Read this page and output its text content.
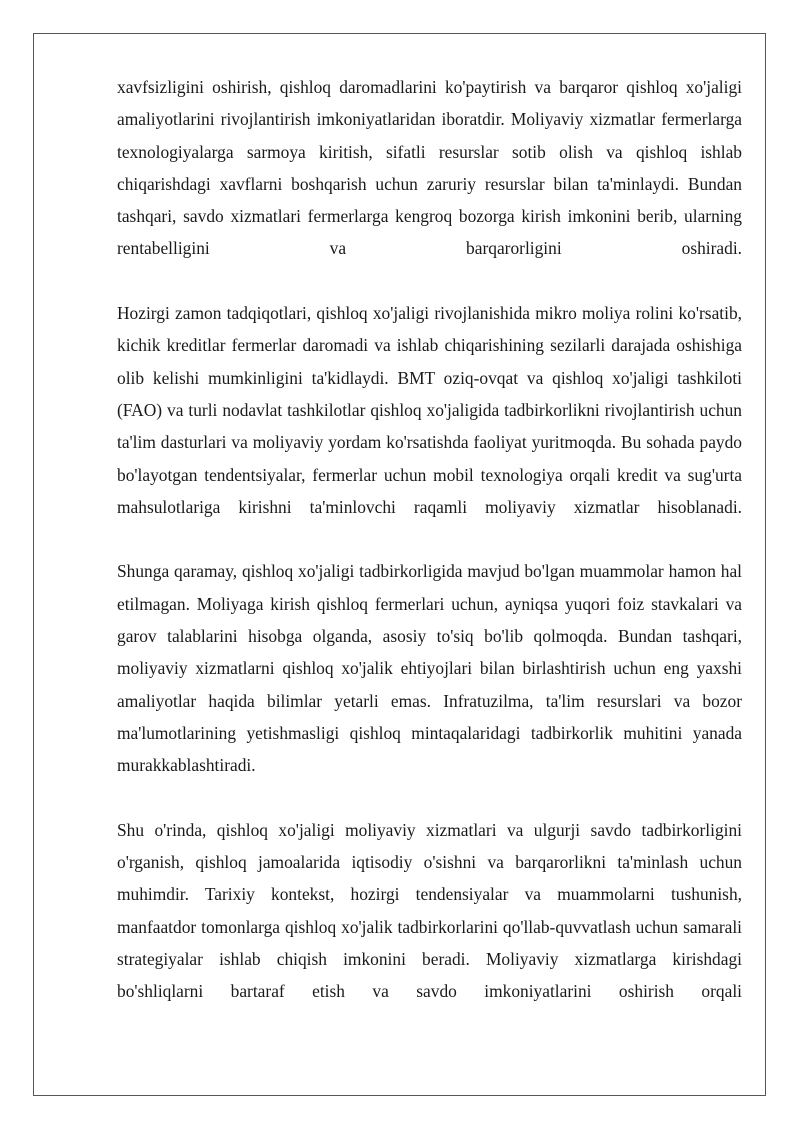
xavfsizligini oshirish, qishloq daromadlarini ko'paytirish va barqaror qishloq xo'jaligi amaliyotlarini rivojlantirish imkoniyatlaridan iboratdir. Moliyaviy xizmatlar fermerlarga texnologiyalarga sarmoya kiritish, sifatli resurslar sotib olish va qishloq ishlab chiqarishdagi xavflarni boshqarish uchun zaruriy resurslar bilan ta'minlaydi. Bundan tashqari, savdo xizmatlari fermerlarga kengroq bozorga kirish imkonini berib, ularning rentabelligini va barqarorligini oshiradi.

Hozirgi zamon tadqiqotlari, qishloq xo'jaligi rivojlanishida mikro moliya rolini ko'rsatib, kichik kreditlar fermerlar daromadi va ishlab chiqarishining sezilarli darajada oshishiga olib kelishi mumkinligini ta'kidlaydi. BMT oziq-ovqat va qishloq xo'jaligi tashkiloti (FAO) va turli nodavlat tashkilotlar qishloq xo'jaligida tadbirkorlikni rivojlantirish uchun ta'lim dasturlari va moliyaviy yordam ko'rsatishda faoliyat yuritmoqda. Bu sohada paydo bo'layotgan tendentsiyalar, fermerlar uchun mobil texnologiya orqali kredit va sug'urta mahsulotlariga kirishni ta'minlovchi raqamli moliyaviy xizmatlar hisoblanadi.

Shunga qaramay, qishloq xo'jaligi tadbirkorligida mavjud bo'lgan muammolar hamon hal etilmagan. Moliyaga kirish qishloq fermerlari uchun, ayniqsa yuqori foiz stavkalari va garov talablarini hisobga olganda, asosiy to'siq bo'lib qolmoqda. Bundan tashqari, moliyaviy xizmatlarni qishloq xo'jalik ehtiyojlari bilan birlashtirish uchun eng yaxshi amaliyotlar haqida bilimlar yetarli emas. Infratuzilma, ta'lim resurslari va bozor ma'lumotlarining yetishmasligi qishloq mintaqalaridagi tadbirkorlik muhitini yanada murakkablashtiradi.

Shu o'rinda, qishloq xo'jaligi moliyaviy xizmatlari va ulgurji savdo tadbirkorligini o'rganish, qishloq jamoalarida iqtisodiy o'sishni va barqarorlikni ta'minlash uchun muhimdir. Tarixiy kontekst, hozirgi tendensiyalar va muammolarni tushunish, manfaatdor tomonlarga qishloq xo'jalik tadbirkorlarini qo'llab-quvvatlash uchun samarali strategiyalar ishlab chiqish imkonini beradi. Moliyaviy xizmatlarga kirishdagi bo'shliqlarni bartaraf etish va savdo imkoniyatlarini oshirish orqali
